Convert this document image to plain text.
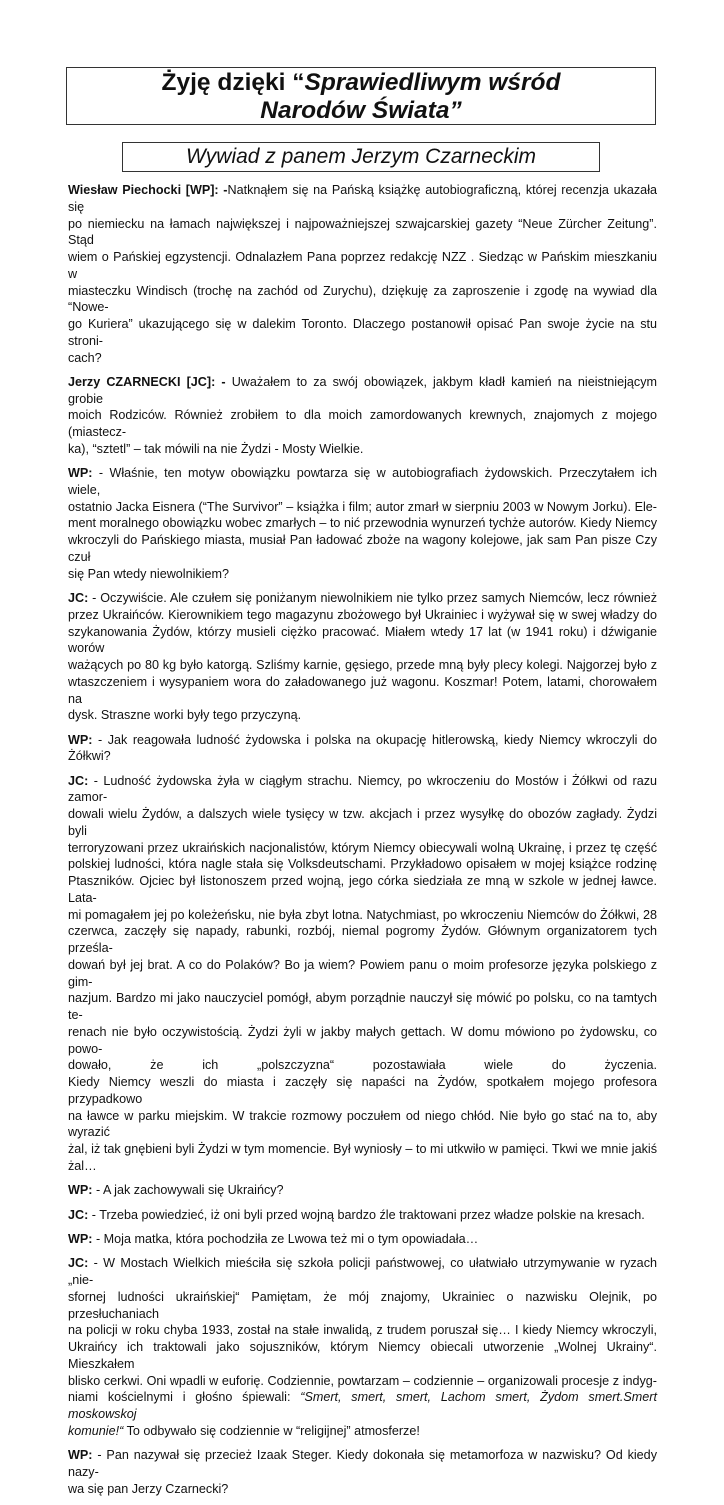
Żyję dzięki “Sprawiedliwym wśród
Narodów Świata”
Wywiad z panem Jerzym Czarneckim
Wiesław Piechocki [WP]: -Natknąłem się na Pańską książkę autobiograficzną, której recenzja ukazała się
po niemiecku na łamach największej i najpoważniejszej szwajcarskiej gazety “Neue Zürcher Zeitung”. Stąd
wiem o Pańskiej egzystencji. Odnalazłem Pana poprzez redakcję NZZ . Siedząc w Pańskim mieszkaniu w
miasteczku Windisch (trochę na zachód od Zurychu), dziękuję za zaproszenie i zgodę na wywiad dla “Nowe-
go Kuriera” ukazującego się w dalekim Toronto. Dlaczego postanowił opisać Pan swoje życie na stu stroni-
cach?
Jerzy CZARNECKI [JC]: - Uważałem to za swój obowiązek, jakbym kładł kamień na nieistniejącym grobie
moich Rodziców. Również zrobiłem to dla moich zamordowanych krewnych, znajomych z mojego (miastecz-
ka), “sztetl” – tak mówili na nie Żydzi - Mosty Wielkie.
WP: - Właśnie, ten motyw obowiązku powtarza się w autobiografiach żydowskich. Przeczytałem ich wiele,
ostatnio Jacka Eisnera (“The Survivor” – książka i film; autor zmarł w sierpniu 2003 w Nowym Jorku). Ele-
ment moralnego obowiązku wobec zmarłych – to nić przewodnia wynurzeń tychże autorów. Kiedy Niemcy
wkroczyli do Pańskiego miasta, musiał Pan ładować zboże na wagony kolejowe, jak sam Pan pisze Czy czuł
się Pan wtedy niewolnikiem?
JC: - Oczywiście. Ale czułem się poniżanym niewolnikiem nie tylko przez samych Niemców, lecz również
przez Ukraińców. Kierownikiem tego magazynu zbożowego był Ukrainiec i wyżywał się w swej władzy do
szykanowania Żydów, którzy musieli ciężko pracować. Miałem wtedy 17 lat (w 1941 roku) i dźwiganie worów
ważących po 80 kg było katorgą. Szliśmy karnie, gęsiego, przede mną były plecy kolegi. Najgorzej było z
wtaszczeniem i wysypaniem wora do załadowanego już wagonu. Koszmar! Potem, latami, chorowałem na
dysk. Straszne worki były tego przyczyną.
WP: - Jak reagowała ludność żydowska i polska na okupację hitlerowską, kiedy Niemcy wkroczyli do Żółkwi?
JC: - Ludność żydowska żyła w ciągłym strachu. Niemcy, po wkroczeniu do Mostów i Żółkwi od razu zamor-
dowali wielu Żydów, a dalszych wiele tysięcy w tzw. akcjach i przez wysyłkę do obozów zagłady. Żydzi byli
terroryzowani przez ukraińskich nacjonalistów, którym Niemcy obiecywali wolną Ukrainę, i przez tę część
polskiej ludności, która nagle stała się Volksdeutschami. Przykładowo opisałem w mojej książce rodzinę
Ptaszników. Ojciec był listonoszem przed wojną, jego córka siedziała ze mną w szkole w jednej ławce. Lata-
mi pomagałem jej po koleżeńsku, nie była zbyt lotna. Natychmiast, po wkroczeniu Niemców do Żółkwi, 28
czerwca, zaczęły się napady, rabunki, rozbój, niemal pogromy Żydów. Głównym organizatorem tych prześla-
dowań był jej brat. A co do Polaków? Bo ja wiem? Powiem panu o moim profesorze języka polskiego z gim-
nazjum. Bardzo mi jako nauczyciel pomógł, abym porządnie nauczył się mówić po polsku, co na tamtych te-
renach nie było oczywistością. Żydzi żyli w jakby małych gettach. W domu mówiono po żydowsku, co powo-
dowało, że ich „polszczyzna“ pozostawiała wiele do życzenia.
Kiedy Niemcy weszli do miasta i zaczęły się napaści na Żydów, spotkałem mojego profesora przypadkowo
na ławce w parku miejskim. W trakcie rozmowy poczułem od niego chłód. Nie było go stać na to, aby wyrazić
żal, iż tak gnębieni byli Żydzi w tym momencie. Był wyniosły – to mi utkwiło w pamięci. Tkwi we mnie jakiś
żal…
WP: - A jak zachowywali się Ukraińcy?
JC: - Trzeba powiedzieć, iż oni byli przed wojną bardzo źle traktowani przez władze polskie na kresach.
WP: - Moja matka, która pochodziła ze Lwowa też mi o tym opowiadała…
JC: - W Mostach Wielkich mieściła się szkoła policji państwowej, co ułatwiało utrzymywanie w ryzach „nie-
sfornej ludności ukraińskiej“ Pamiętam, że mój znajomy, Ukrainiec o nazwisku Olejnik, po przesłuchaniach
na policji w roku chyba 1933, został na stałe inwalidą, z trudem poruszał się… I kiedy Niemcy wkroczyli,
Ukraińcy ich traktowali jako sojuszników, którym Niemcy obiecali utworzenie „Wolnej Ukrainy“. Mieszkałem
blisko cerkwi. Oni wpadli w euforię. Codziennie, powtarzam – codziennie – organizowali procesje z indyg-
niami kościelnymi i głośno śpiewali: “Smert, smert, smert, Lachom smert, Żydom smert.Smert moskowskoj
komunie!“ To odbywało się codziennie w “religijnej” atmosferze!
WP: - Pan nazywał się przecież Izaak Steger. Kiedy dokonała się metamorfoza w nazwisku? Od kiedy nazy-
wa się pan Jerzy Czarnecki?
